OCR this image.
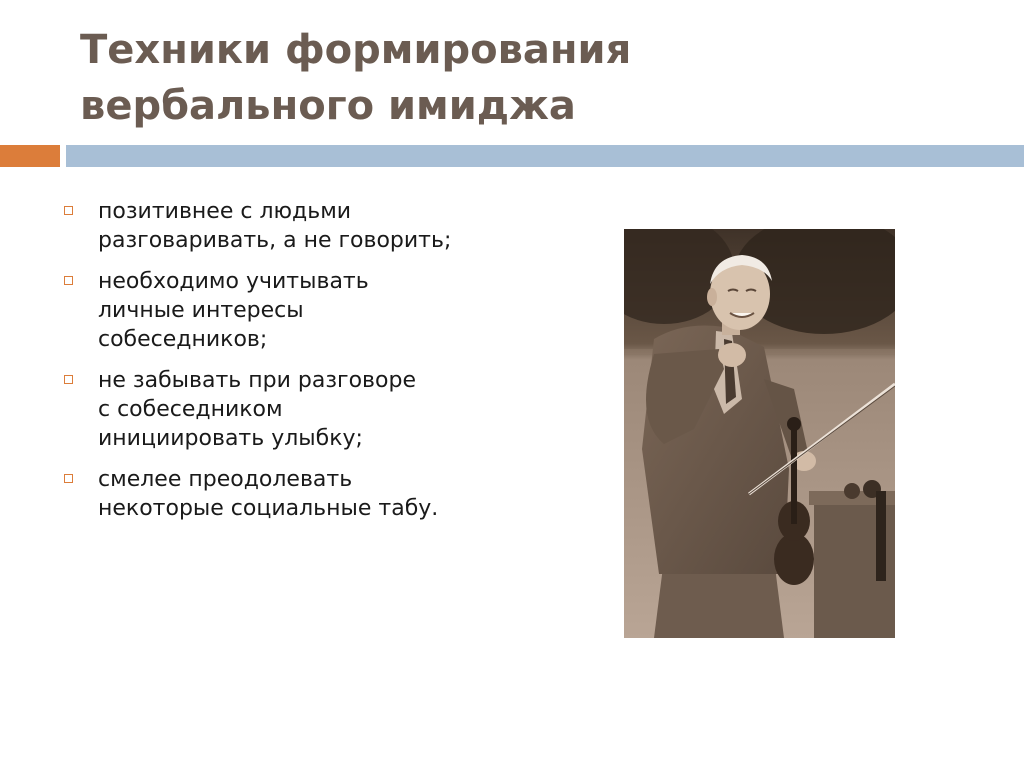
Техники формирования
вербального имиджа
позитивнее с людьми
разговаривать, а не говорить;
необходимо учитывать
личные интересы
собеседников;
не забывать при разговоре
с собеседником
инициировать улыбку;
смелее преодолевать
некоторые социальные табу.
